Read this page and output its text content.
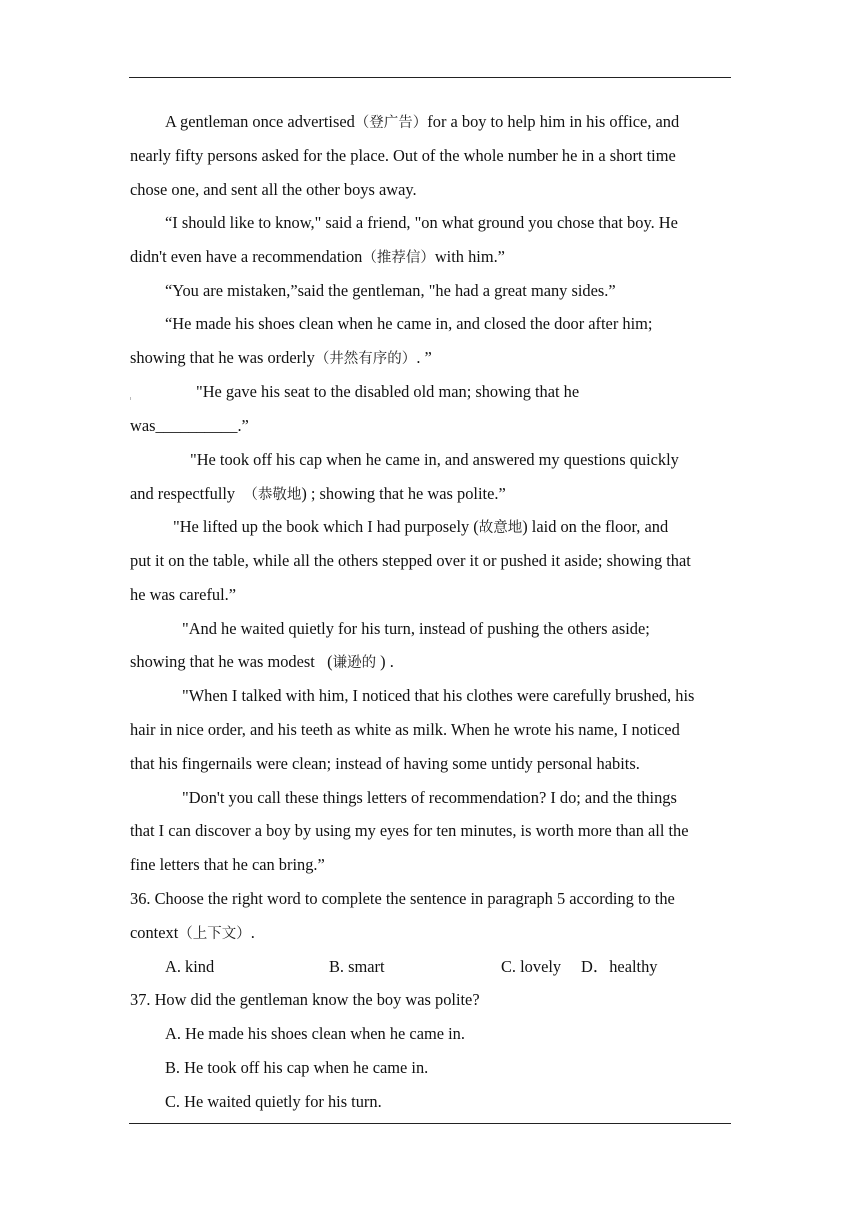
A gentleman once advertised（登广告）for a boy to help him in his office, and
nearly fifty persons asked for the place. Out of the whole number he in a short time
chose one, and sent all the other boys away.
“I should like to know," said a friend, "on what ground you chose that boy. He
didn't even have a recommendation（推荐信）with him.”
“You are mistaken,”said the gentleman, "he had a great many sides.”
“He made his shoes clean when he came in, and closed the door after him;
showing that he was orderly（井然有序的）. ”
"He gave his seat to the disabled old man; showing that he
was__________.”
"He took off his cap when he came in, and answered my questions quickly
and respectfully  （恭敬地) ; showing that he was polite.”
"He lifted up the book which I had purposely (故意地) laid on the floor, and
put it on the table, while all the others stepped over it or pushed it aside; showing that
he was careful.”
"And he waited quietly for his turn, instead of pushing the others aside;
showing that he was modest   (谦逊的 ) .
"When I talked with him, I noticed that his clothes were carefully brushed, his
hair in nice order, and his teeth as white as milk. When he wrote his name, I noticed
that his fingernails were clean; instead of having some untidy personal habits.
"Don't you call these things letters of recommendation? I do; and the things
that I can discover a boy by using my eyes for ten minutes, is worth more than all the
fine letters that he can bring.”
36. Choose the right word to complete the sentence in paragraph 5 according to the
context（上下文）.
A. kind	B. smart	C. lovely D．healthy
37. How did the gentleman know the boy was polite?
A. He made his shoes clean when he came in.
B. He took off his cap when he came in.
C. He waited quietly for his turn.
